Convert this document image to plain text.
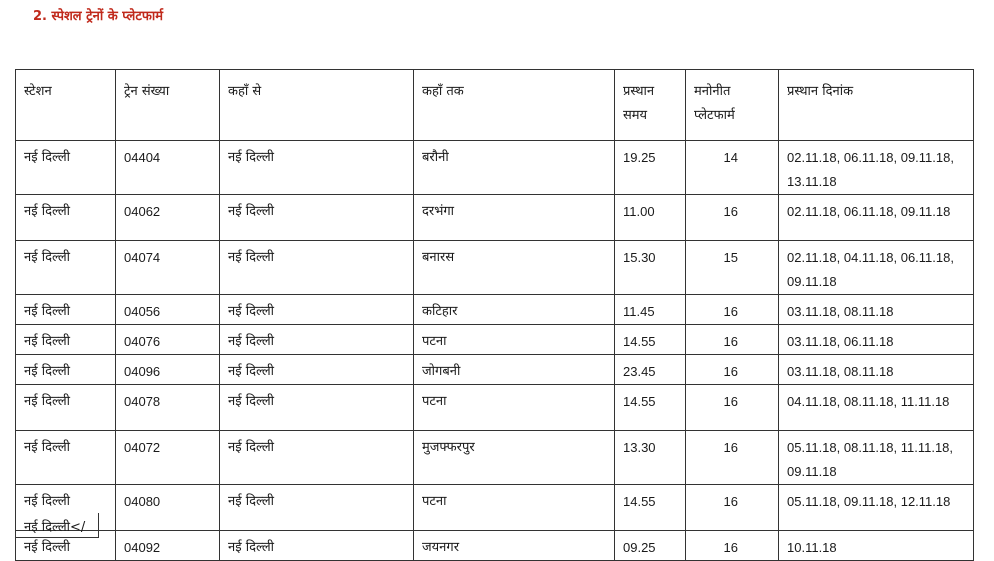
2. स्पेशल ट्रेनों के प्लेटफार्म
स्टेशन	ट्रेन संख्या	कहाँ से	कहाँ तक	प्रस्थान समय	मनोनीत प्लेटफार्म	प्रस्थान दिनांक
नई दिल्ली	04404	नई दिल्ली	बरौनी	19.25	14	02.11.18, 06.11.18, 09.11.18, 13.11.18
नई दिल्ली	04062	नई दिल्ली	दरभंगा	11.00	16	02.11.18, 06.11.18, 09.11.18
नई दिल्ली	04074	नई दिल्ली	बनारस	15.30	15	02.11.18, 04.11.18, 06.11.18, 09.11.18
नई दिल्ली	04056	नई दिल्ली	कटिहार	11.45	16	03.11.18, 08.11.18
नई दिल्ली	04076	नई दिल्ली	पटना	14.55	16	03.11.18, 06.11.18
नई दिल्ली	04096	नई दिल्ली	जोगबनी	23.45	16	03.11.18, 08.11.18
नई दिल्ली	04078	नई दिल्ली	पटना	14.55	16	04.11.18, 08.11.18, 11.11.18
नई दिल्ली	04072	नई दिल्ली	मुजफ्फरपुर	13.30	16	05.11.18, 08.11.18, 11.11.18, 09.11.18
नई दिल्ली	04080	नई दिल्ली	पटना	14.55	16	05.11.18, 09.11.18, 12.11.18
नई दिल्ली	04092	नई दिल्ली	जयनगर	09.25	16	10.11.18
नई दिल्ली</
